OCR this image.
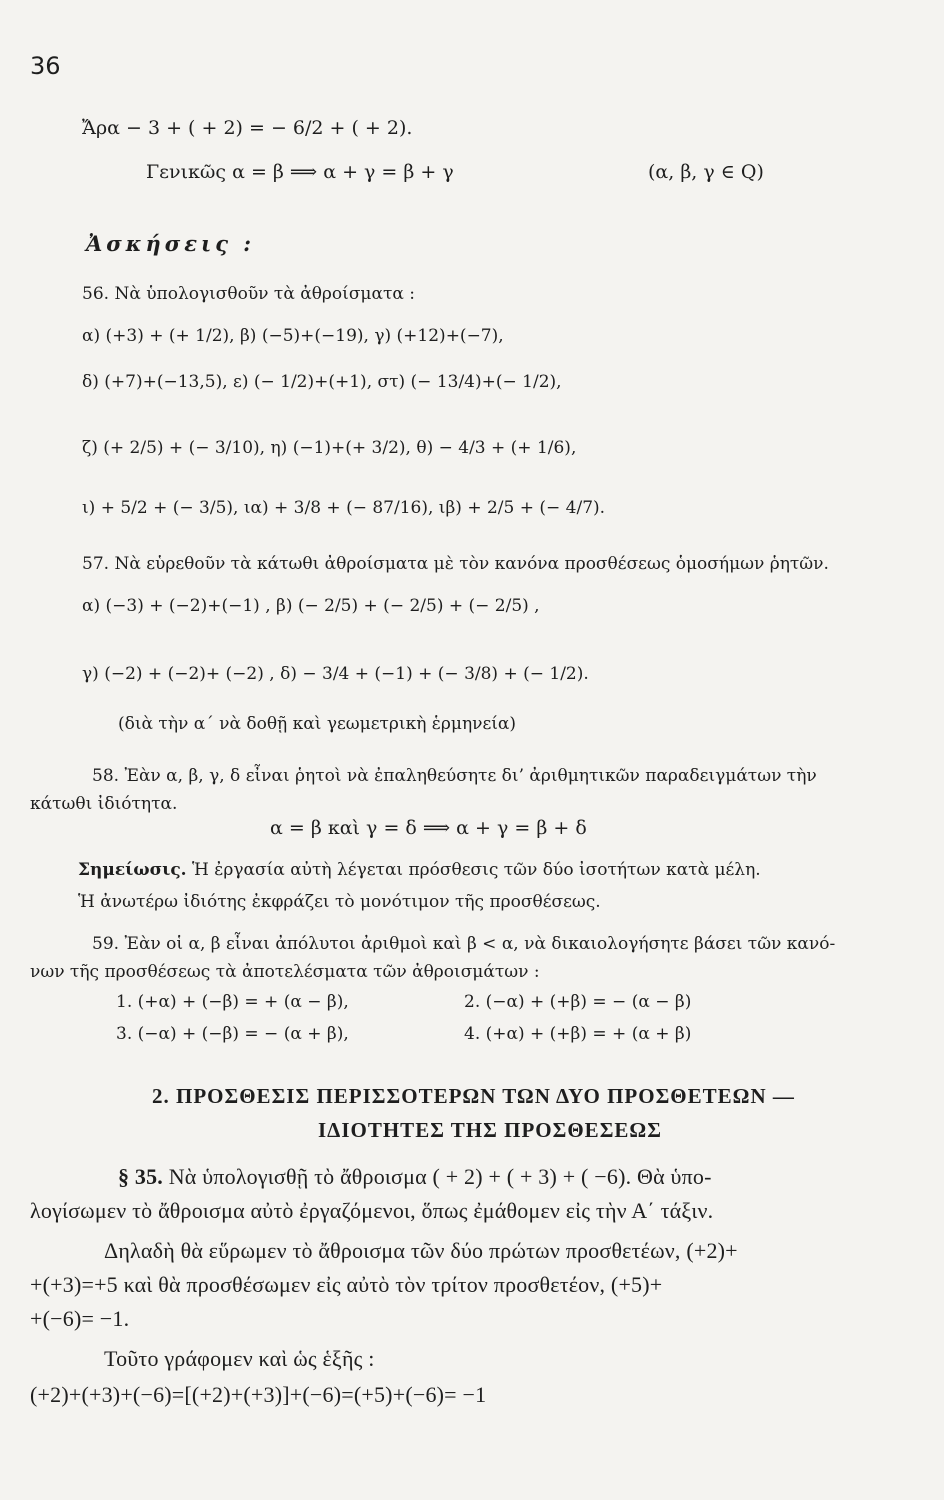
36
Ἄρα − 3 + ( + 2) = − 6/2 + ( + 2).
Γενικῶς α = β ⟹ α + γ = β + γ	(α, β, γ ∈ Q)
Ἀσκήσεις :
56. Νὰ ὑπολογισθοῦν τὰ ἀθροίσματα :
α) (+3) + (+ 1/2), β) (−5)+(−19), γ) (+12)+(−7),
δ) (+7)+(−13,5), ε) (− 1/2)+(+1), στ) (− 13/4)+(− 1/2),
ζ) (+ 2/5) + (− 3/10), η) (−1)+(+ 3/2), θ) − 4/3 + (+ 1/6),
ι) + 5/2 + (− 3/5), ια) + 3/8 + (− 87/16), ιβ) + 2/5 + (− 4/7).
57. Νὰ εὑρεθοῦν τὰ κάτωθι ἀθροίσματα μὲ τὸν κανόνα προσθέσεως ὁμοσήμων ῥητῶν.
α) (−3) + (−2)+(−1) , β) (− 2/5) + (− 2/5) + (− 2/5) ,
γ) (−2) + (−2)+ (−2) , δ) − 3/4 + (−1) + (− 3/8) + (− 1/2).
(διὰ τὴν α΄ νὰ δοθῇ καὶ γεωμετρικὴ ἑρμηνεία)
58. Ἐὰν α, β, γ, δ εἶναι ῥητοὶ νὰ ἐπαληθεύσητε δι’ ἀριθμητικῶν παραδειγμάτων τὴν
κάτωθι ἰδιότητα.
α = β καὶ γ = δ ⟹ α + γ = β + δ
Σημείωσις. Ἡ ἐργασία αὐτὴ λέγεται πρόσθεσις τῶν δύο ἰσοτήτων κατὰ μέλη.
Ἡ ἀνωτέρω ἰδιότης ἐκφράζει τὸ μονότιμον τῆς προσθέσεως.
59. Ἐὰν οἱ α, β εἶναι ἀπόλυτοι ἀριθμοὶ καὶ β < α, νὰ δικαιολογήσητε βάσει τῶν κανό-
νων τῆς προσθέσεως τὰ ἀποτελέσματα τῶν ἀθροισμάτων :
1. (+α) + (−β) = + (α − β),	2. (−α) + (+β) = − (α − β)
3. (−α) + (−β) = − (α + β),	4. (+α) + (+β) = + (α + β)
2. ΠΡΟΣΘΕΣΙΣ ΠΕΡΙΣΣΟΤΕΡΩΝ ΤΩΝ ΔΥΟ ΠΡΟΣΘΕΤΕΩΝ —
ΙΔΙΟΤΗΤΕΣ ΤΗΣ ΠΡΟΣΘΕΣΕΩΣ
§ 35. Νὰ ὑπολογισθῇ τὸ ἄθροισμα ( + 2) + ( + 3) + ( −6). Θὰ ὑπο-
λογίσωμεν τὸ ἄθροισμα αὐτὸ ἐργαζόμενοι, ὅπως ἐμάθομεν εἰς τὴν Α΄ τάξιν.
Δηλαδὴ θὰ εὕρωμεν τὸ ἄθροισμα τῶν δύο πρώτων προσθετέων, (+2)+
+(+3)=+5 καὶ θὰ προσθέσωμεν εἰς αὐτὸ τὸν τρίτον προσθετέον, (+5)+
+(−6)= −1.
Τοῦτο γράφομεν καὶ ὡς ἑξῆς :
(+2)+(+3)+(−6)=[(+2)+(+3)]+(−6)=(+5)+(−6)= −1
